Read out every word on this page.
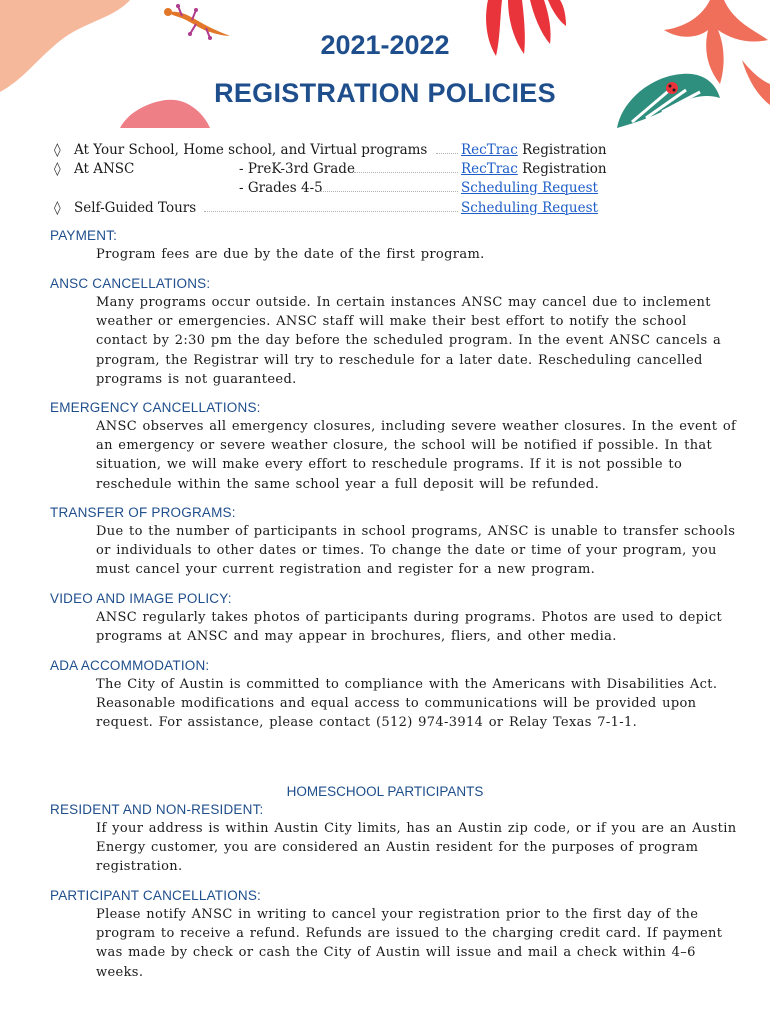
2021-2022
REGISTRATION POLICIES
◊ At Your School, Home school, and Virtual programs RecTrac Registration
◊ At ANSC	- PreK-3rd Grade	RecTrac Registration
- Grades 4-5	Scheduling Request
◊ Self-Guided Tours	Scheduling Request
PAYMENT:
Program fees are due by the date of the first program.
ANSC CANCELLATIONS:
Many programs occur outside. In certain instances ANSC may cancel due to inclement weather or emergencies. ANSC staff will make their best effort to notify the school contact by 2:30 pm the day before the scheduled program. In the event ANSC cancels a program, the Registrar will try to reschedule for a later date. Rescheduling cancelled programs is not guaranteed.
EMERGENCY CANCELLATIONS:
ANSC observes all emergency closures, including severe weather closures. In the event of an emergency or severe weather closure, the school will be notified if possible. In that situation, we will make every effort to reschedule programs. If it is not possible to reschedule within the same school year a full deposit will be refunded.
TRANSFER OF PROGRAMS:
Due to the number of participants in school programs, ANSC is unable to transfer schools or individuals to other dates or times. To change the date or time of your program, you must cancel your current registration and register for a new program.
VIDEO AND IMAGE POLICY:
ANSC regularly takes photos of participants during programs. Photos are used to depict programs at ANSC and may appear in brochures, fliers, and other media.
ADA ACCOMMODATION:
The City of Austin is committed to compliance with the Americans with Disabilities Act. Reasonable modifications and equal access to communications will be provided upon request. For assistance, please contact (512) 974-3914 or Relay Texas 7-1-1.
HOMESCHOOL PARTICIPANTS
RESIDENT AND NON-RESIDENT:
If your address is within Austin City limits, has an Austin zip code, or if you are an Austin Energy customer, you are considered an Austin resident for the purposes of program registration.
PARTICIPANT CANCELLATIONS:
Please notify ANSC in writing to cancel your registration prior to the first day of the program to receive a refund. Refunds are issued to the charging credit card. If payment was made by check or cash the City of Austin will issue and mail a check within 4–6 weeks.
